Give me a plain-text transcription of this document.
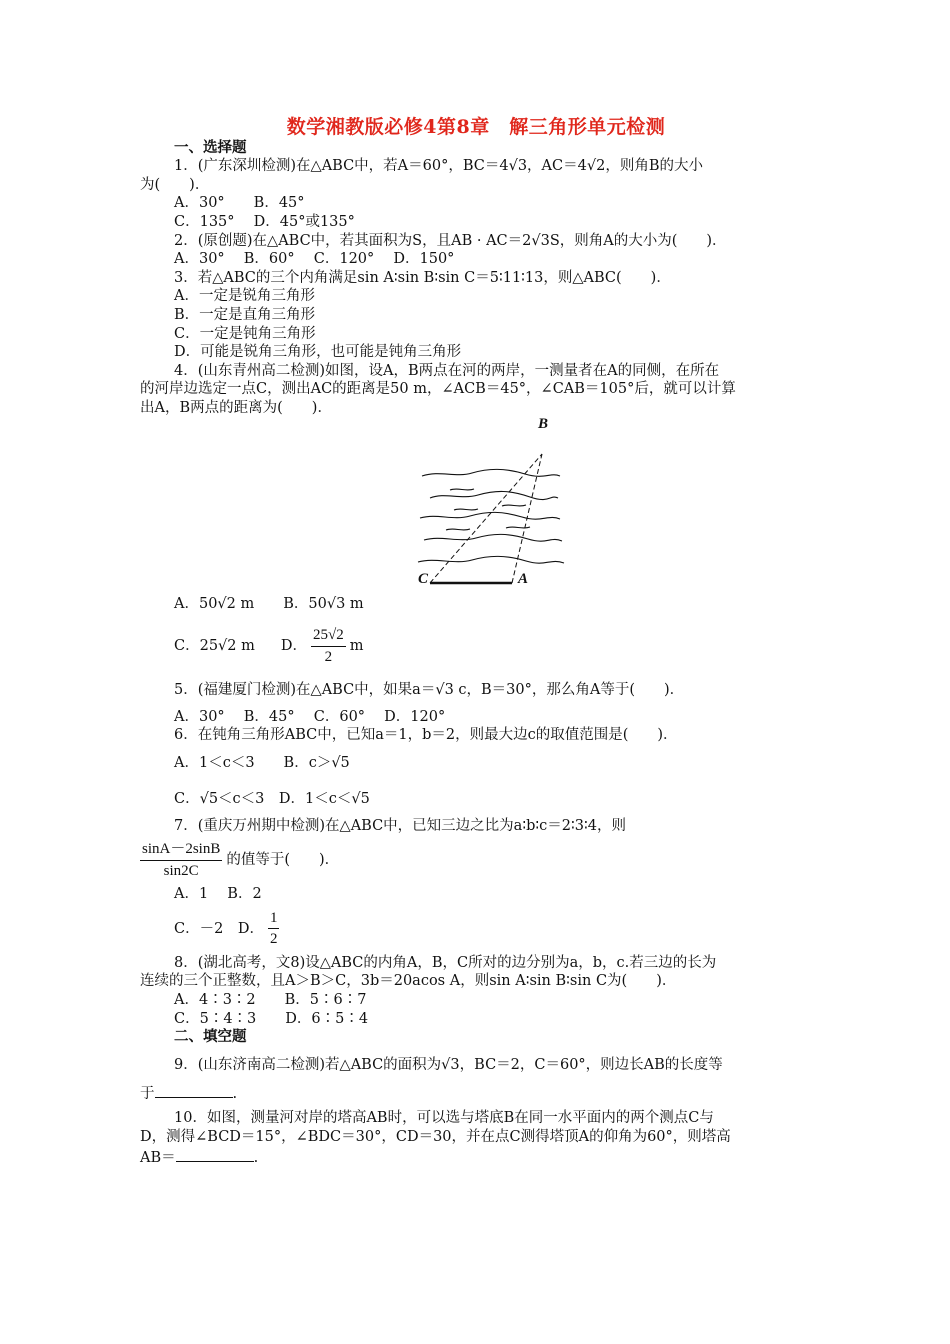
数学湘教版必修4第8章　解三角形单元检测
一、选择题
1．(广东深圳检测)在△ABC中，若A＝60°，BC＝4√3，AC＝4√2，则角B的大小
为(　　)．
A．30°　　B．45°
C．135°　 D．45°或135°
2．(原创题)在△ABC中，若其面积为S，且AB · AC＝2√3S，则角A的大小为(　　)．
A．30°　 B．60°　 C．120°　 D．150°
3．若△ABC的三个内角满足sin A∶sin B∶sin C＝5∶11∶13，则△ABC(　　)．
A．一定是锐角三角形
B．一定是直角三角形
C．一定是钝角三角形
D．可能是锐角三角形，也可能是钝角三角形
4．(山东青州高二检测)如图，设A，B两点在河的两岸，一测量者在A的同侧，在所在
的河岸边选定一点C，测出AC的距离是50 m，∠ACB＝45°，∠CAB＝105°后，就可以计算
出A，B两点的距离为(　　)．
B
C	A
A．50√2 m　　B．50√3 m
C．25√2 m D． $\frac{25√2}{2}$ m
5．(福建厦门检测)在△ABC中，如果a＝√3 c，B＝30°，那么角A等于(　　)．
A．30°　 B．45°　 C．60°　 D．120°
6．在钝角三角形ABC中，已知a＝1，b＝2，则最大边c的取值范围是(　　)．
A．1＜c＜3　　B．c＞√5
C．√5＜c＜3　D．1＜c＜√5
7．(重庆万州期中检测)在△ABC中，已知三边之比为a∶b∶c＝2∶3∶4，则
$\frac{\sin A-2\sin B}{\sin 2C}$ 的值等于(　　)．
A．1　 B．2
C．－2　D． $\frac{1}{2}$
8．(湖北高考，文8)设△ABC的内角A，B，C所对的边分别为a，b，c.若三边的长为
连续的三个正整数，且A＞B＞C，3b＝20acos A，则sin A∶sin B∶sin C为(　　)．
A．4∶3∶2　　B．5∶6∶7
C．5∶4∶3　　D．6∶5∶4
二、填空题
9．(山东济南高二检测)若△ABC的面积为√3，BC＝2，C＝60°，则边长AB的长度等
于	.
10．如图，测量河对岸的塔高AB时，可以选与塔底B在同一水平面内的两个测点C与
D，测得∠BCD＝15°，∠BDC＝30°，CD＝30，并在点C测得塔顶A的仰角为60°，则塔高
AB＝	.
